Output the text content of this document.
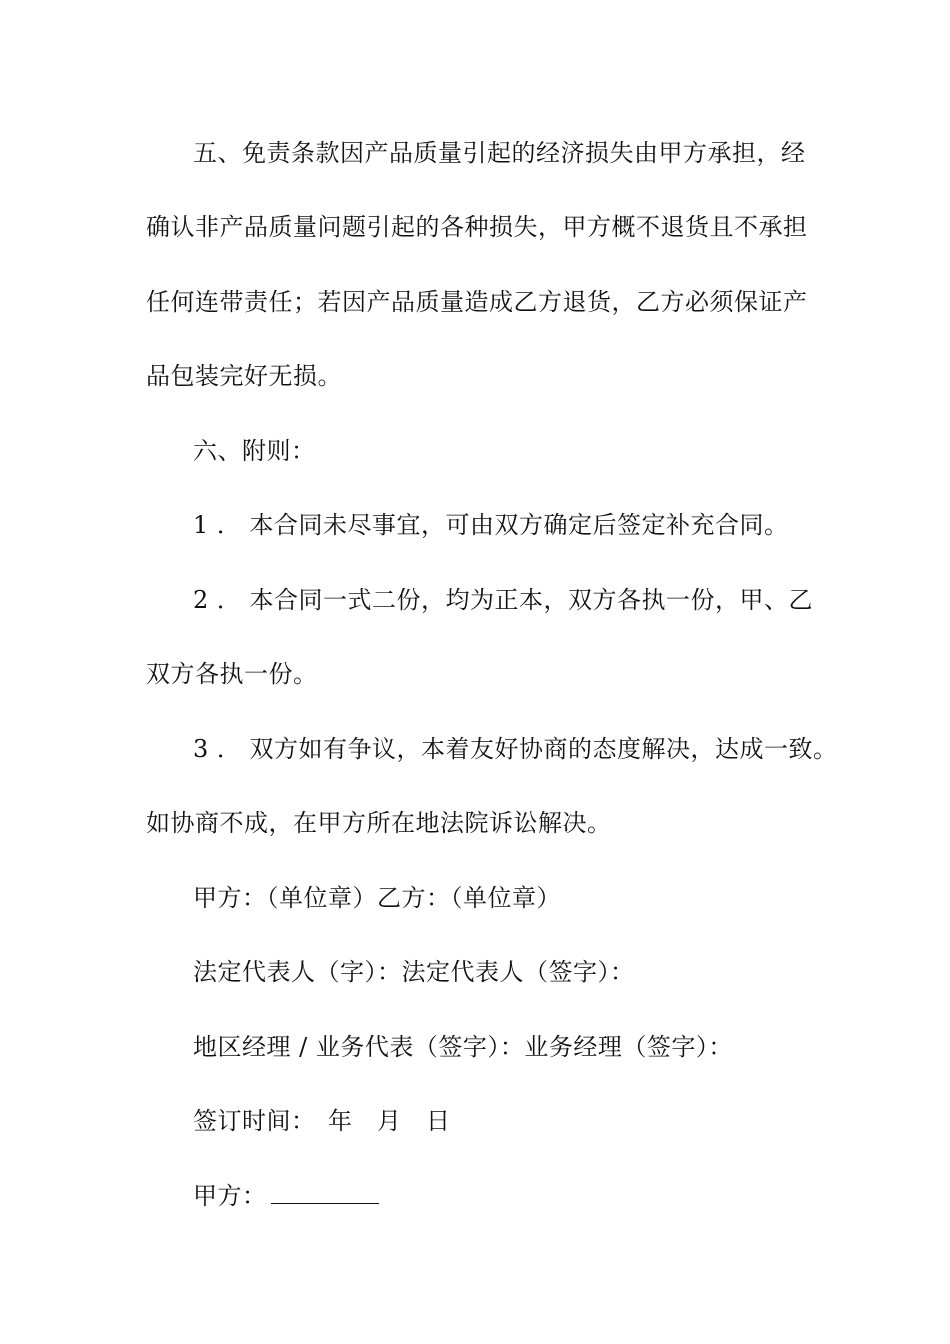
五、免责条款因产品质量引起的经济损失由甲方承担，经
确认非产品质量问题引起的各种损失，甲方概不退货且不承担
任何连带责任；若因产品质量造成乙方退货，乙方必须保证产
品包装完好无损。
六、附则：
1 ． 本合同未尽事宜，可由双方确定后签定补充合同。
2 ． 本合同一式二份，均为正本，双方各执一份，甲、乙
双方各执一份。
3 ． 双方如有争议，本着友好协商的态度解决，达成一致。
如协商不成，在甲方所在地法院诉讼解决。
甲方：（单位章）乙方：（单位章）
法定代表人（字）：法定代表人（签字）：
地区经理 / 业务代表（签字）：业务经理（签字）：
签订时间：　年　月　日
甲方：
